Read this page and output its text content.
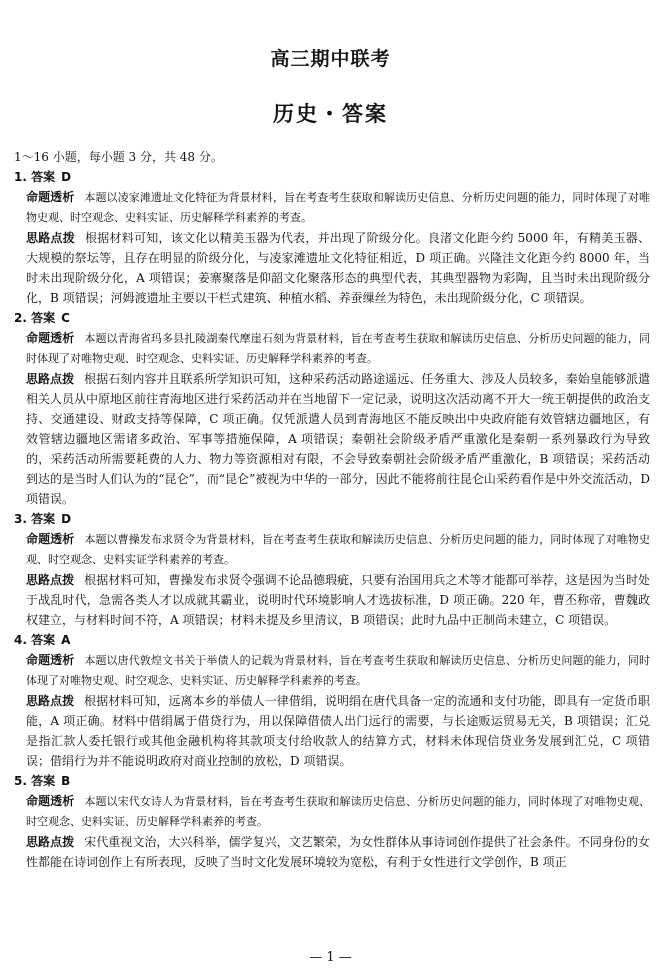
高三期中联考
历史・答案
1～16 小题，每小题 3 分，共 48 分。
1. 答案 D
命题透析 本题以凌家滩遗址文化特征为背景材料，旨在考查考生获取和解读历史信息、分析历史问题的能力，同时体现了对唯物史观、时空观念、史料实证、历史解释学科素养的考查。
思路点拨 根据材料可知，该文化以精美玉器为代表，并出现了阶级分化。良渚文化距今约 5000 年，有精美玉器、大规模的祭坛等，且存在明显的阶级分化，与凌家滩遗址文化特征相近，D 项正确。兴隆洼文化距今约 8000 年，当时未出现阶级分化，A 项错误；姜寨聚落是仰韶文化聚落形态的典型代表，其典型器物为彩陶，且当时未出现阶级分化，B 项错误；河姆渡遗址主要以干栏式建筑、种植水稻、养蚕缫丝为特色，未出现阶级分化，C 项错误。
2. 答案 C
命题透析 本题以青海省玛多县扎陵湖秦代摩崖石刻为背景材料，旨在考查考生获取和解读历史信息、分析历史问题的能力，同时体现了对唯物史观、时空观念、史料实证、历史解释学科素养的考查。
思路点拨 根据石刻内容并且联系所学知识可知，这种采药活动路途遥远、任务重大、涉及人员较多，秦始皇能够派遣相关人员从中原地区前往青海地区进行采药活动并在当地留下一定记录，说明这次活动离不开大一统王朝提供的政治支持、交通建设、财政支持等保障，C 项正确。仅凭派遣人员到青海地区不能反映出中央政府能有效管辖边疆地区，有效管辖边疆地区需诸多政治、军事等措施保障，A 项错误；秦朝社会阶级矛盾严重激化是秦朝一系列暴政行为导致的，采药活动所需要耗费的人力、物力等资源相对有限，不会导致秦朝社会阶级矛盾严重激化，B 项错误；采药活动到达的是当时人们认为的“昆仑”，而“昆仑”被视为中华的一部分，因此不能将前往昆仑山采药看作是中外交流活动，D 项错误。
3. 答案 D
命题透析 本题以曹操发布求贤令为背景材料，旨在考查考生获取和解读历史信息、分析历史问题的能力，同时体现了对唯物史观、时空观念、史料实证学科素养的考查。
思路点拨 根据材料可知，曹操发布求贤令强调不论品德瑕疵，只要有治国用兵之术等才能都可举荐，这是因为当时处于战乱时代，急需各类人才以成就其霸业，说明时代环境影响人才选拔标准，D 项正确。220 年，曹丕称帝，曹魏政权建立，与材料时间不符，A 项错误；材料未提及乡里清议，B 项错误；此时九品中正制尚未建立，C 项错误。
4. 答案 A
命题透析 本题以唐代敦煌文书关于举债人的记载为背景材料，旨在考查考生获取和解读历史信息、分析历史问题的能力，同时体现了对唯物史观、时空观念、史料实证、历史解释学科素养的考查。
思路点拨 根据材料可知，远离本乡的举债人一律借绢，说明绢在唐代具备一定的流通和支付功能，即具有一定货币职能，A 项正确。材料中借绢属于借贷行为，用以保障借债人出门远行的需要，与长途贩运贸易无关，B 项错误；汇兑是指汇款人委托银行或其他金融机构将其款项支付给收款人的结算方式，材料未体现信贷业务发展到汇兑，C 项错误；借绢行为并不能说明政府对商业控制的放松，D 项错误。
5. 答案 B
命题透析 本题以宋代女诗人为背景材料，旨在考查考生获取和解读历史信息、分析历史问题的能力，同时体现了对唯物史观、时空观念、史料实证、历史解释学科素养的考查。
思路点拨 宋代重视文治，大兴科举，儒学复兴，文艺繁荣，为女性群体从事诗词创作提供了社会条件。不同身份的女性都能在诗词创作上有所表现，反映了当时文化发展环境较为宽松，有利于女性进行文学创作，B 项正
— 1 —
